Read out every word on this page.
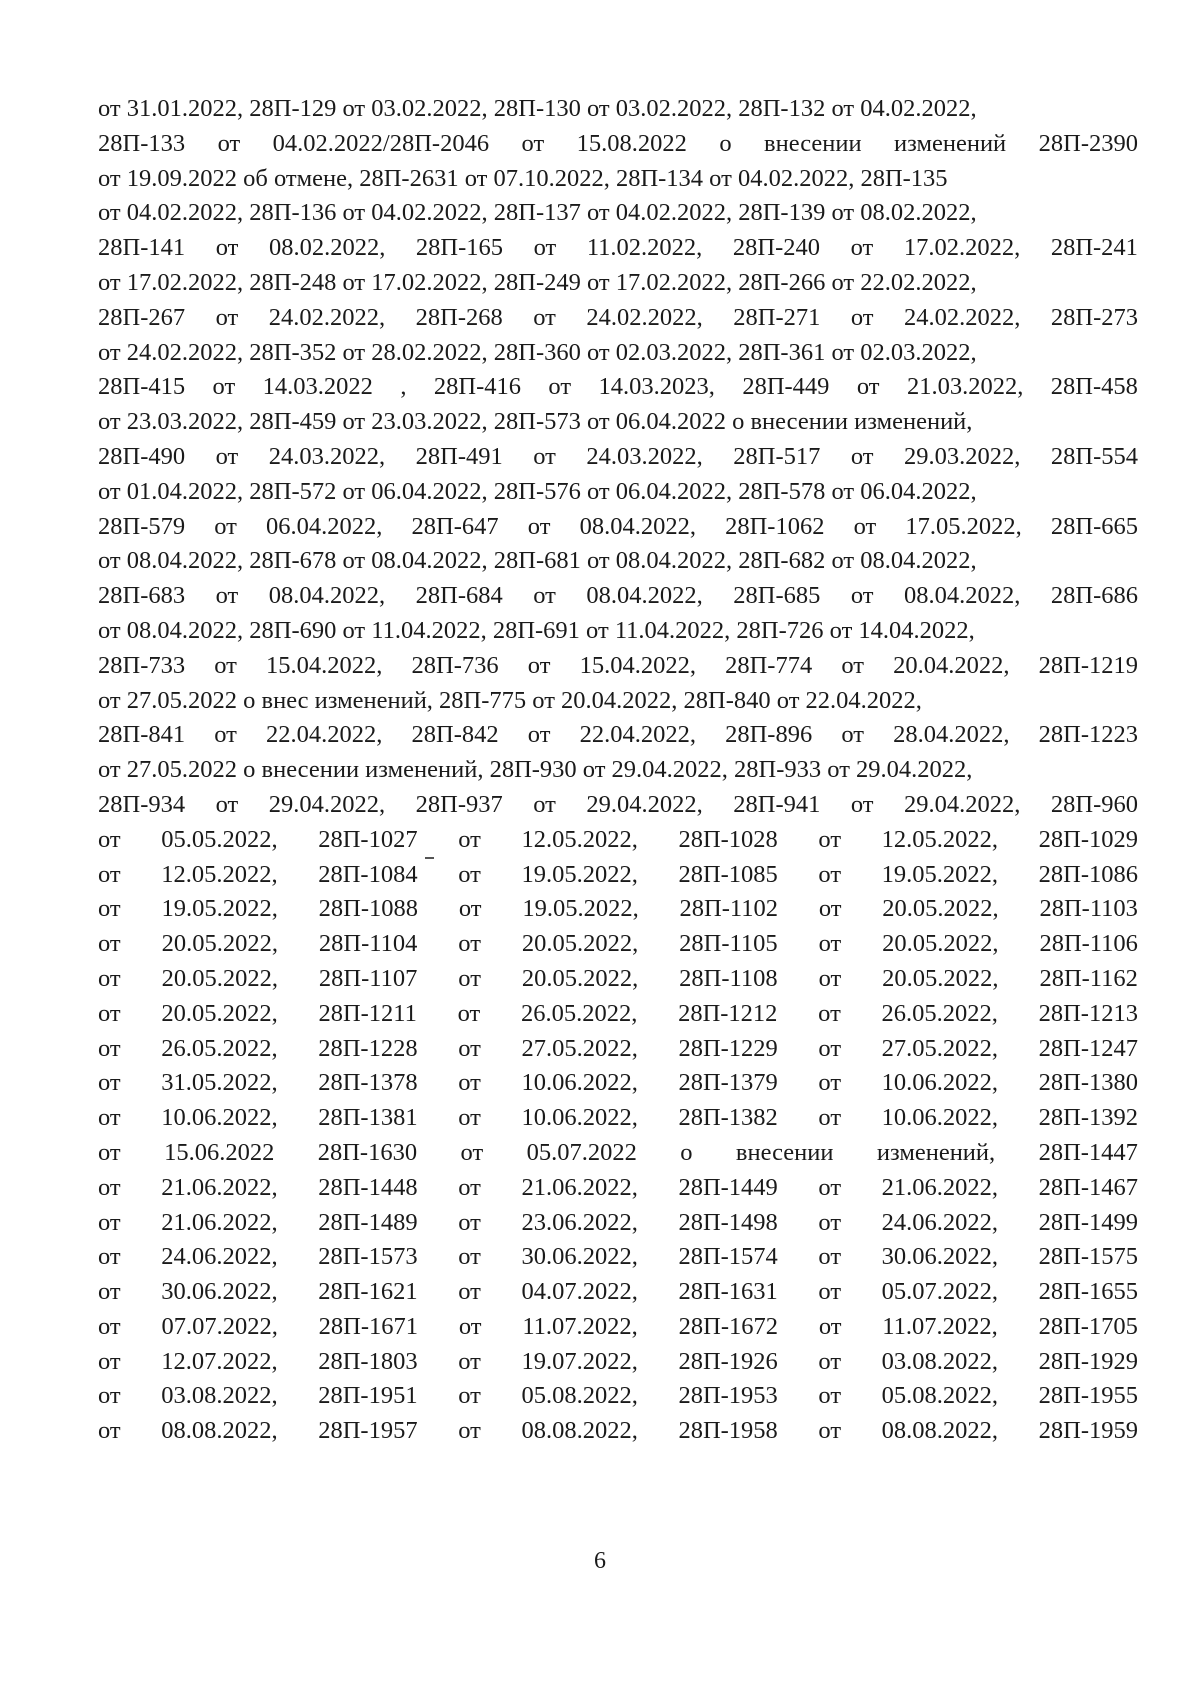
от 31.01.2022, 28П-129 от 03.02.2022, 28П-130 от 03.02.2022, 28П-132 от 04.02.2022,
28П-133 от 04.02.2022/28П-2046 от 15.08.2022 о внесении изменений 28П-2390
от 19.09.2022 об отмене, 28П-2631 от 07.10.2022, 28П-134 от 04.02.2022, 28П-135
от 04.02.2022, 28П-136 от 04.02.2022, 28П-137 от 04.02.2022, 28П-139 от 08.02.2022,
28П-141 от 08.02.2022, 28П-165 от 11.02.2022, 28П-240 от 17.02.2022, 28П-241
от 17.02.2022, 28П-248 от 17.02.2022, 28П-249 от 17.02.2022, 28П-266 от 22.02.2022,
28П-267 от 24.02.2022, 28П-268 от 24.02.2022, 28П-271 от 24.02.2022, 28П-273
от 24.02.2022, 28П-352 от 28.02.2022, 28П-360 от 02.03.2022, 28П-361 от 02.03.2022,
28П-415 от 14.03.2022 , 28П-416 от 14.03.2023, 28П-449 от 21.03.2022, 28П-458
от 23.03.2022, 28П-459 от 23.03.2022, 28П-573 от 06.04.2022 о внесении изменений,
28П-490 от 24.03.2022, 28П-491 от 24.03.2022, 28П-517 от 29.03.2022, 28П-554
от 01.04.2022, 28П-572 от 06.04.2022, 28П-576 от 06.04.2022, 28П-578 от 06.04.2022,
28П-579 от 06.04.2022, 28П-647 от 08.04.2022, 28П-1062 от 17.05.2022, 28П-665
от 08.04.2022, 28П-678 от 08.04.2022, 28П-681 от 08.04.2022, 28П-682 от 08.04.2022,
28П-683 от 08.04.2022, 28П-684 от 08.04.2022, 28П-685 от 08.04.2022, 28П-686
от 08.04.2022, 28П-690 от 11.04.2022, 28П-691 от 11.04.2022, 28П-726 от 14.04.2022,
28П-733 от 15.04.2022, 28П-736 от 15.04.2022, 28П-774 от 20.04.2022, 28П-1219
от 27.05.2022 о внес изменений, 28П-775 от 20.04.2022, 28П-840 от 22.04.2022,
28П-841 от 22.04.2022, 28П-842 от 22.04.2022, 28П-896 от 28.04.2022, 28П-1223
от 27.05.2022 о внесении изменений, 28П-930 от 29.04.2022, 28П-933 от 29.04.2022,
28П-934 от 29.04.2022, 28П-937 от 29.04.2022, 28П-941 от 29.04.2022, 28П-960
от 05.05.2022, 28П-1027 от 12.05.2022, 28П-1028 от 12.05.2022, 28П-1029
от 12.05.2022, 28П-1084 от 19.05.2022, 28П-1085 от 19.05.2022, 28П-1086
от 19.05.2022, 28П-1088 от 19.05.2022, 28П-1102 от 20.05.2022, 28П-1103
от 20.05.2022, 28П-1104 от 20.05.2022, 28П-1105 от 20.05.2022, 28П-1106
от 20.05.2022, 28П-1107 от 20.05.2022, 28П-1108 от 20.05.2022, 28П-1162
от 20.05.2022, 28П-1211 от 26.05.2022, 28П-1212 от 26.05.2022, 28П-1213
от 26.05.2022, 28П-1228 от 27.05.2022, 28П-1229 от 27.05.2022, 28П-1247
от 31.05.2022, 28П-1378 от 10.06.2022, 28П-1379 от 10.06.2022, 28П-1380
от 10.06.2022, 28П-1381 от 10.06.2022, 28П-1382 от 10.06.2022, 28П-1392
от 15.06.2022 28П-1630 от 05.07.2022 о внесении изменений, 28П-1447
от 21.06.2022, 28П-1448 от 21.06.2022, 28П-1449 от 21.06.2022, 28П-1467
от 21.06.2022, 28П-1489 от 23.06.2022, 28П-1498 от 24.06.2022, 28П-1499
от 24.06.2022, 28П-1573 от 30.06.2022, 28П-1574 от 30.06.2022, 28П-1575
от 30.06.2022, 28П-1621 от 04.07.2022, 28П-1631 от 05.07.2022, 28П-1655
от 07.07.2022, 28П-1671 от 11.07.2022, 28П-1672 от 11.07.2022, 28П-1705
от 12.07.2022, 28П-1803 от 19.07.2022, 28П-1926 от 03.08.2022, 28П-1929
от 03.08.2022, 28П-1951 от 05.08.2022, 28П-1953 от 05.08.2022, 28П-1955
от 08.08.2022, 28П-1957 от 08.08.2022, 28П-1958 от 08.08.2022, 28П-1959
6
